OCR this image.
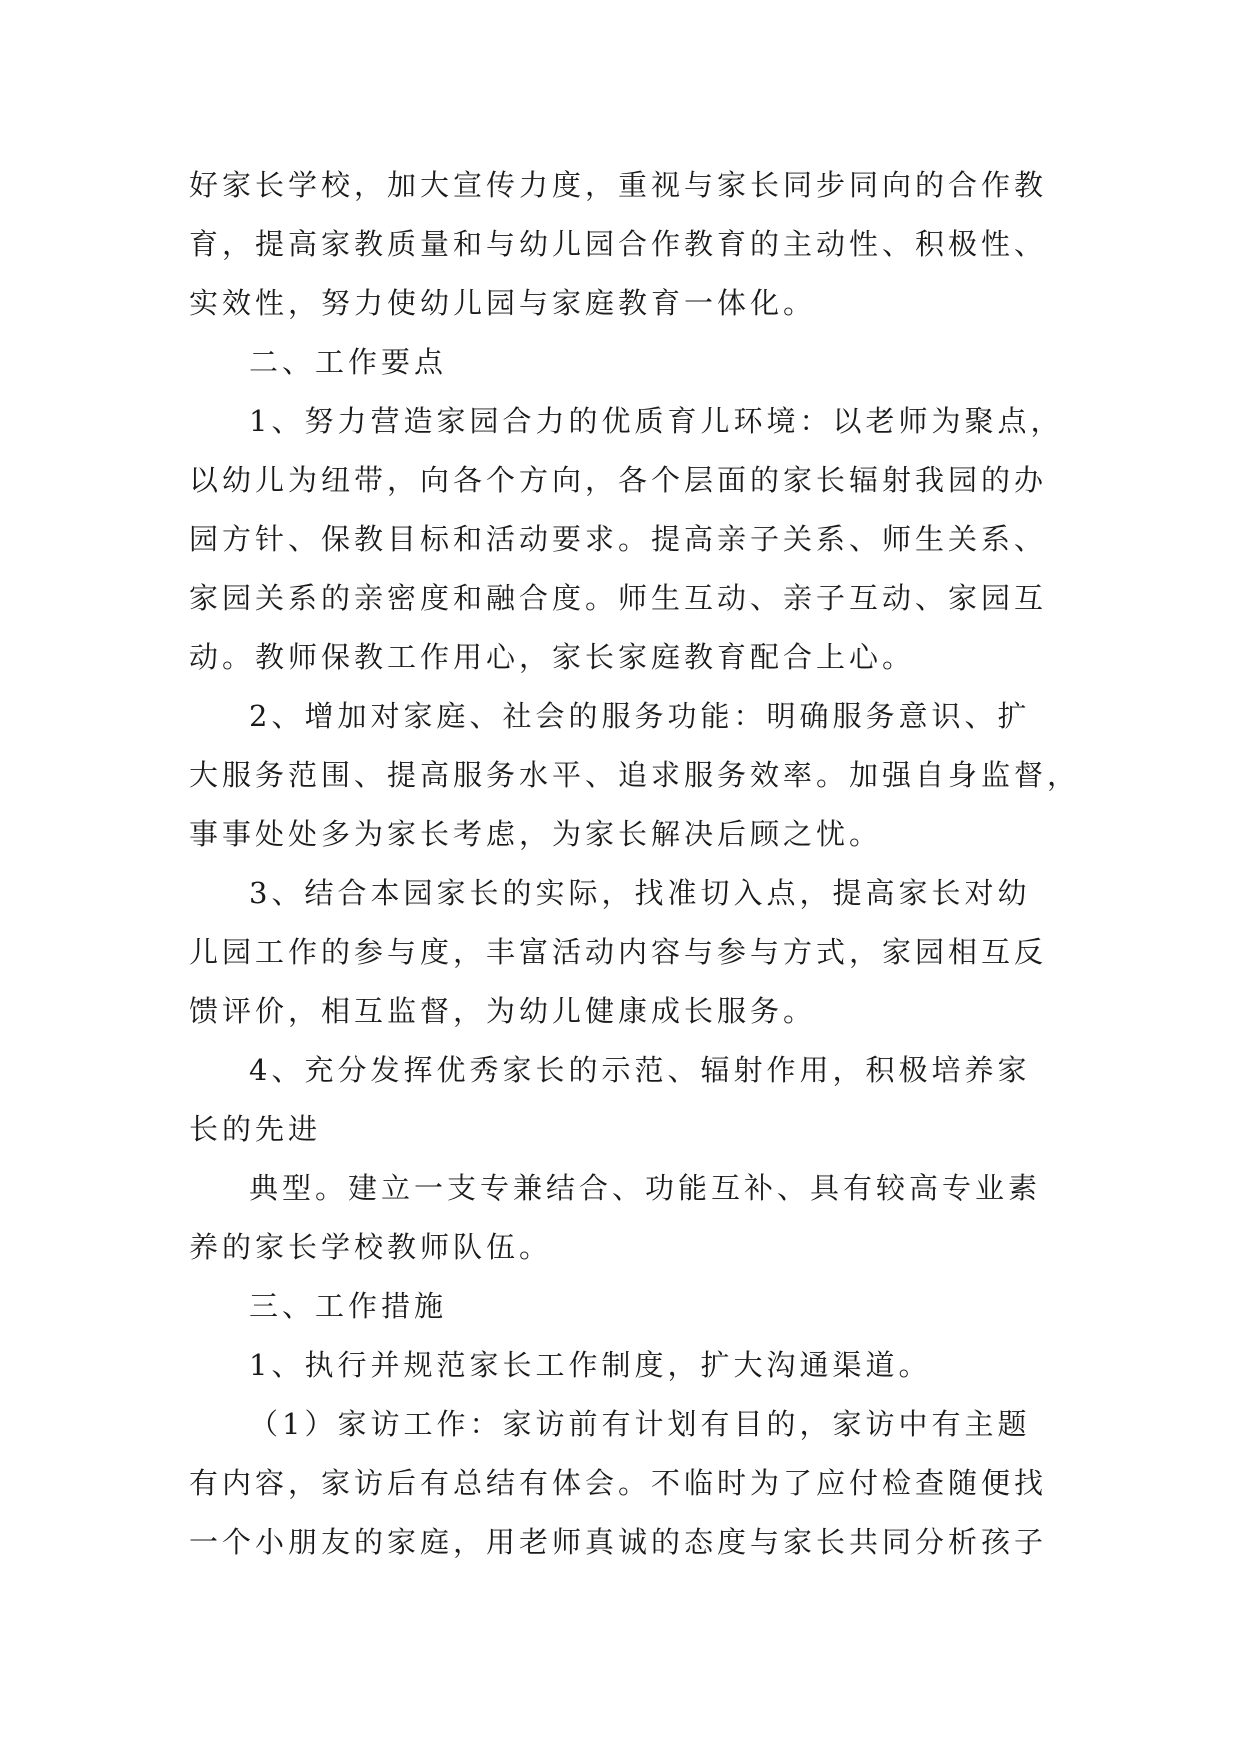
好家长学校，加大宣传力度，重视与家长同步同向的合作教
育，提高家教质量和与幼儿园合作教育的主动性、积极性、
实效性，努力使幼儿园与家庭教育一体化。
二、工作要点
1、努力营造家园合力的优质育儿环境：以老师为聚点，
以幼儿为纽带，向各个方向，各个层面的家长辐射我园的办
园方针、保教目标和活动要求。提高亲子关系、师生关系、
家园关系的亲密度和融合度。师生互动、亲子互动、家园互
动。教师保教工作用心，家长家庭教育配合上心。
2、增加对家庭、社会的服务功能：明确服务意识、扩
大服务范围、提高服务水平、追求服务效率。加强自身监督，
事事处处多为家长考虑，为家长解决后顾之忧。
3、结合本园家长的实际，找准切入点，提高家长对幼
儿园工作的参与度，丰富活动内容与参与方式，家园相互反
馈评价，相互监督，为幼儿健康成长服务。
4、充分发挥优秀家长的示范、辐射作用，积极培养家
长的先进
典型。建立一支专兼结合、功能互补、具有较高专业素
养的家长学校教师队伍。
三、工作措施
1、执行并规范家长工作制度，扩大沟通渠道。
（1）家访工作：家访前有计划有目的，家访中有主题
有内容，家访后有总结有体会。不临时为了应付检查随便找
一个小朋友的家庭，用老师真诚的态度与家长共同分析孩子
